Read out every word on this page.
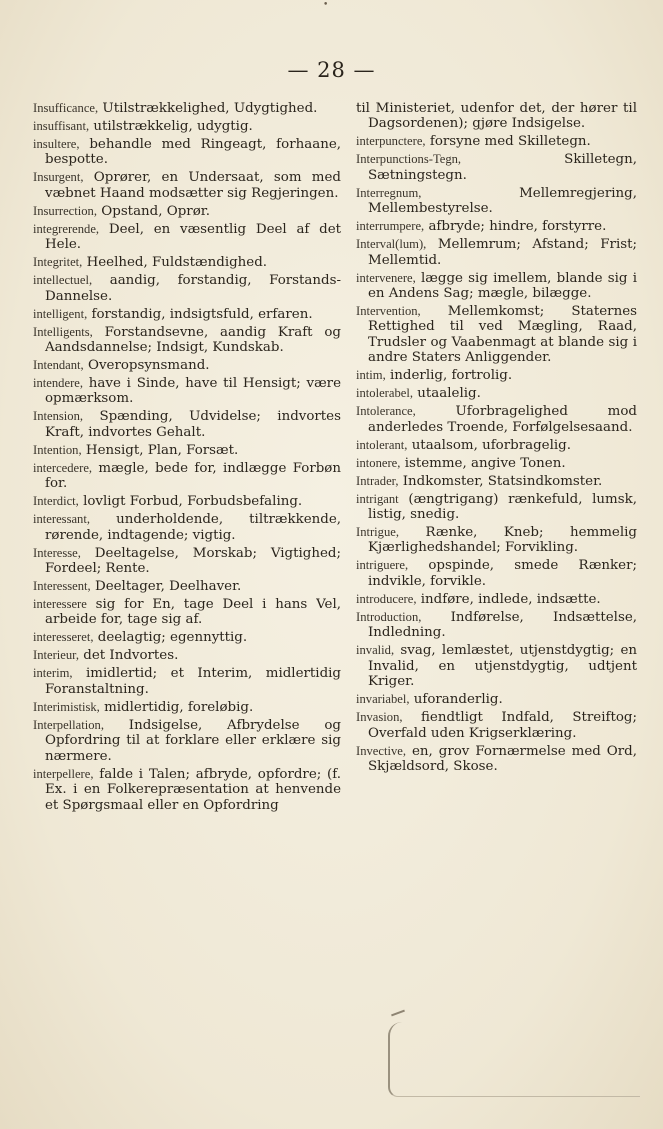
•
— 28 —
Insufficance, Utilstrækkelighed, Udygtighed.
insuffisant, utilstrækkelig, udygtig.
insultere, behandle med Ringeagt, forhaane, bespotte.
Insurgent, Oprører, en Undersaat, som med væbnet Haand modsætter sig Regjeringen.
Insurrection, Opstand, Oprør.
integrerende, Deel, en væsentlig Deel af det Hele.
Integritet, Heelhed, Fuldstændighed.
intellectuel, aandig, forstandig, Forstands-Dannelse.
intelligent, forstandig, indsigtsfuld, erfaren.
Intelligents, Forstandsevne, aandig Kraft og Aandsdannelse; Indsigt, Kundskab.
Intendant, Overopsynsmand.
intendere, have i Sinde, have til Hensigt; være opmærksom.
Intension, Spænding, Udvidelse; indvortes Kraft, indvortes Gehalt.
Intention, Hensigt, Plan, Forsæt.
intercedere, mægle, bede for, indlægge Forbøn for.
Interdict, lovligt Forbud, Forbudsbefaling.
interessant, underholdende, tiltrækkende, rørende, indtagende; vigtig.
Interesse, Deeltagelse, Morskab; Vigtighed; Fordeel; Rente.
Interessent, Deeltager, Deelhaver.
interessere sig for En, tage Deel i hans Vel, arbeide for, tage sig af.
interesseret, deelagtig; egennyttig.
Interieur, det Indvortes.
interim, imidlertid; et Interim, midlertidig Foranstaltning.
Interimistisk, midlertidig, foreløbig.
Interpellation, Indsigelse, Afbrydelse og Opfordring til at forklare eller erklære sig nærmere.
interpellere, falde i Talen; afbryde, opfordre; (f. Ex. i en Folkerepræsentation at henvende et Spørgsmaal eller en Opfordring
til Ministeriet, udenfor det, der hører til Dagsordenen); gjøre Indsigelse.
interpunctere, forsyne med Skilletegn.
Interpunctions-Tegn,	Skilletegn, Sætningstegn.
Interregnum,	Mellemregjering, Mellembestyrelse.
interrumpere, afbryde; hindre, forstyrre.
Interval(lum), Mellemrum; Afstand; Frist; Mellemtid.
intervenere, lægge sig imellem, blande sig i en Andens Sag; mægle, bilægge.
Intervention, Mellemkomst; Staternes Rettighed til ved Mægling, Raad, Trudsler og Vaabenmagt at blande sig i andre Staters Anliggender.
intim, inderlig, fortrolig.
intolerabel, utaalelig.
Intolerance,	Uforbragelighed mod anderledes Troende, Forfølgelsesaand.
intolerant, utaalsom, uforbragelig.
intonere, istemme, angive Tonen.
Intrader, Indkomster, Statsindkomster.
intrigant (ængtrigang) rænkefuld, lumsk, listig, snedig.
Intrigue, Rænke, Kneb; hemmelig Kjærlighedshandel; Forvikling.
intriguere, opspinde, smede Rænker; indvikle, forvikle.
introducere, indføre, indlede, indsætte.
Introduction, Indførelse, Indsættelse, Indledning.
invalid, svag, lemlæstet, utjenstdygtig; en Invalid, en utjenstdygtig, udtjent Kriger.
invariabel, uforanderlig.
Invasion, fiendtligt Indfald, Streiftog; Overfald uden Krigserklæring.
Invective, en, grov Fornærmelse med Ord, Skjældsord, Skose.
